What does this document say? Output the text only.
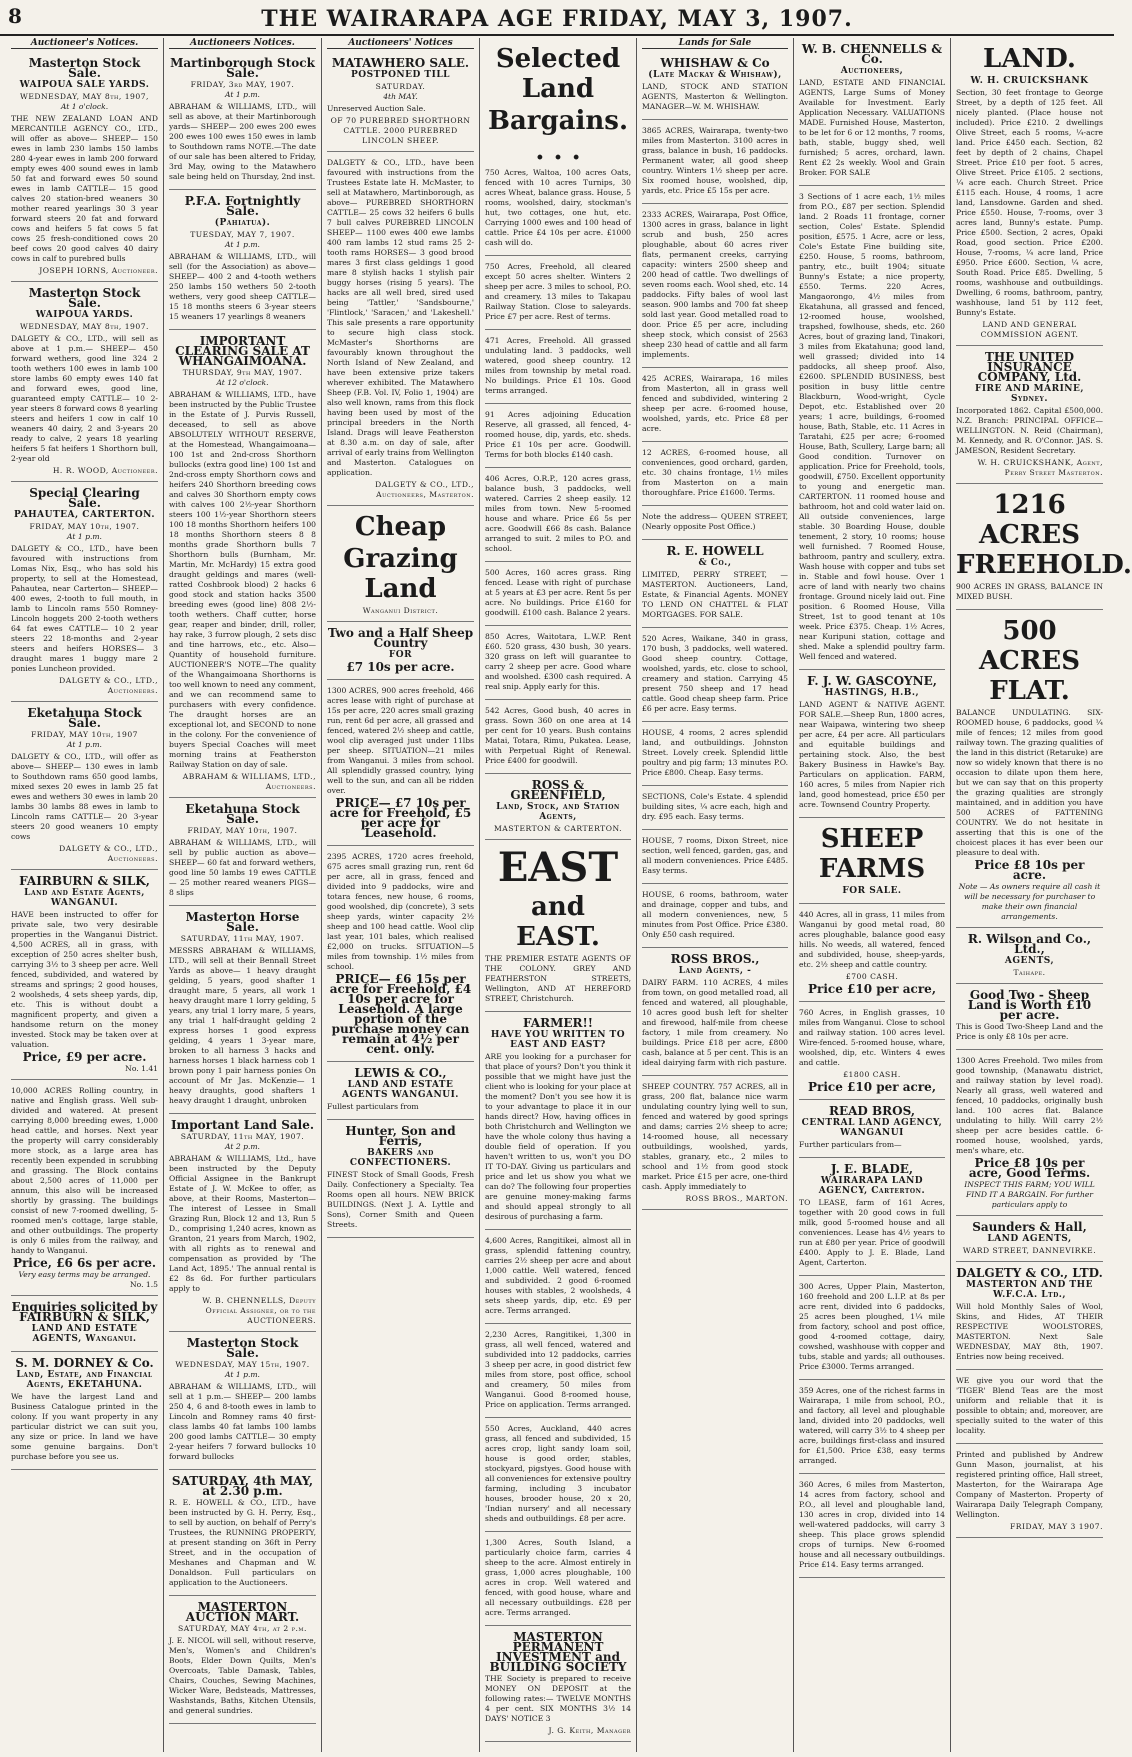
8	THE WAIRARAPA AGE FRIDAY, MAY 3, 1907.
Auctioneer's Notices.
Masterton Stock Sale.
WAIPOUA SALE YARDS.
WEDNESDAY, MAY 8th, 1907,
At 1 o'clock.

THE NEW ZEALAND LOAN AND MERCANTILE AGENCY CO., LTD., will offer as above— SHEEP— 150 ewes in lamb 230 lambs 150 lambs 280 4-year ewes in lamb 200 forward empty ewes 400 sound ewes in lamb 50 fat and forward ewes 50 sound ewes in lamb CATTLE— 15 good calves 20 station-bred weaners 30 mother reared yearlings 30 3 year forward steers 20 fat and forward cows and heifers 5 fat cows 5 fat cows 25 fresh-conditioned cows 20 beef cows 20 good calves 40 dairy cows in calf to purebred bulls

JOSEPH IORNS, Auctioneer.
Masterton Stock Sale.
WAIPOUA YARDS.
WEDNESDAY, MAY 8th, 1907.

DALGETY & CO., LTD., will sell as above at 1 p.m.— SHEEP— 450 forward wethers, good line 324 2 tooth wethers 100 ewes in lamb 100 store lambs 60 empty ewes 140 fat and forward ewes, good line, guaranteed empty CATTLE— 10 2-year steers 8 forward cows 8 yearling steers and heifers 1 cow in calf 10 weaners 40 dairy, 2 and 3-years 20 ready to calve, 2 years 18 yearling heifers 5 fat heifers 1 Shorthorn bull, 2-year old

H. R. WOOD, Auctioneer.
Special Clearing Sale.
PAHAUTEA, CARTERTON.
FRIDAY, MAY 10th, 1907.
At 1 p.m.

DALGETY & CO., LTD., have been favoured with instructions from Lomas Nix, Esq., who has sold his property, to sell at the Homestead, Pahautea, near Carterton— SHEEP— 400 ewes, 2-tooth to full mouth, in lamb to Lincoln rams 550 Romney-Lincoln hoggets 200 2-tooth wethers 64 fat ewes CATTLE— 10 2 year steers 22 18-months and 2-year steers and heifers HORSES— 3 draught mares 1 buggy mare 2 ponies Luncheon provided.

DALGETY & CO., LTD., Auctioneers.
Eketahuna Stock Sale.
FRIDAY, MAY 10th, 1907
At 1 p.m.

DALGETY & CO., LTD., will offer as above— SHEEP— 130 ewes in lamb to Southdown rams 650 good lambs, mixed sexes 20 ewes in lamb 25 fat ewes and wethers 30 ewes in lamb 20 lambs 30 lambs 88 ewes in lamb to Lincoln rams CATTLE— 20 3-year steers 20 good weaners 10 empty cows

DALGETY & CO., LTD., Auctioneers.
FAIRBURN & SILK,
Land and Estate Agents, WANGANUI.

HAVE been instructed to offer for private sale, two very desirable properties in the Wanganui District. 4,500 ACRES, all in grass, with exception of 250 acres shelter bush, carrying 3½ to 3 sheep per acre. Well fenced, subdivided, and watered by streams and springs; 2 good houses, 2 woolsheds, 4 sets sheep yards, dip, etc. This is without doubt a magnificent property, and given a handsome return on the money invested. Stock may be taken over at valuation.

Price, £9 per acre.
No. 1.41

10,000 ACRES Rolling country, in native and English grass. Well sub-divided and watered. At present carrying 8,000 breeding ewes, 1,000 head cattle, and horses. Next year the property will carry considerably more stock, as a large area has recently been expended in scrubbing and grassing. The Block contains about 2,500 acres of 11,000 per annum, this also will be increased shortly by grassing. The buildings consist of new 7-roomed dwelling, 5-roomed men's cottage, large stable, and other outbuildings. The property is only 6 miles from the railway, and handy to Wanganui.

Price, £6 6s per acre.
Very easy terms may be arranged.
No. 1.5
Enquiries solicited by FAIRBURN & SILK,
LAND AND ESTATE AGENTS, Wanganui.
S. M. DORNEY & Co.
Land, Estate, and Financial Agents, EKETAHUNA.

We have the largest Land and Business Catalogue printed in the colony. If you want property in any particular district we can suit you, any size or price. In land we have some genuine bargains. Don't purchase before you see us.

Auctioneers Notices.
Martinborough Stock Sale.
FRIDAY, 3rd MAY, 1907.
At 1 p.m.

ABRAHAM & WILLIAMS, LTD., will sell as above, at their Martinborough yards— SHEEP— 200 ewes 200 ewes 200 ewes 100 ewes 150 ewes in lamb to Southdown rams NOTE.—The date of our sale has been altered to Friday, 3rd May, owing to the Matawhero sale being held on Thursday, 2nd inst.

P.F.A. Fortnightly Sale.
(Pahiatua).
TUESDAY, MAY 7, 1907.
At 1 p.m.

ABRAHAM & WILLIAMS, LTD., will sell (for the Association) as above— SHEEP— 400 2 and 4-tooth wethers 250 lambs 150 wethers 50 2-tooth wethers, very good sheep CATTLE— 15 18 months steers 6 3-year steers 15 weaners 17 yearlings 8 weaners

IMPORTANT CLEARING SALE AT WHANGAIMOANA.
THURSDAY, 9th MAY, 1907.
At 12 o'clock.

ABRAHAM & WILLIAMS, LTD., have been instructed by the Public Trustee in the Estate of J. Purvis Russell, deceased, to sell as above ABSOLUTELY WITHOUT RESERVE, at the Homestead, Whangaimoana— 100 1st and 2nd-cross Shorthorn bullocks (extra good line) 100 1st and 2nd-cross empty Shorthorn cows and heifers 240 Shorthorn breeding cows and calves 30 Shorthorn empty cows with calves 100 2½-year Shorthorn steers 100 1½-year Shorthorn steers 100 18 months Shorthorn heifers 100 18 months Shorthorn steers 8 8 months grade Shorthorn bulls 7 Shorthorn bulls (Burnham, Mr. Martin, Mr. McHardy) 15 extra good draught geldings and mares (well-ratted Coshbrook blood) 2 hacks 6 good stock and station hacks 3500 breeding ewes (good line) 808 2½-tooth wethers. Chaff cutter, horse gear, reaper and binder, drill, roller, hay rake, 3 furrow plough, 2 sets disc and tine harrows, etc., etc. Also—Quantity of household furniture. AUCTIONEER'S NOTE—The quality of the Whangaimoana Shorthorns is too well known to need any comment, and we can recommend same to purchasers with every confidence. The draught horses are an exceptional lot, and SECOND to none in the colony. For the convenience of buyers Special Coaches will meet morning trains at Featherston Railway Station on day of sale.

ABRAHAM & WILLIAMS, LTD., Auctioneers.
Eketahuna Stock Sale.
FRIDAY, MAY 10th, 1907.

ABRAHAM & WILLIAMS, LTD., will sell by public auction as above— SHEEP— 60 fat and forward wethers, good line 50 lambs 19 ewes CATTLE— 25 mother reared weaners PIGS— 8 slips

Masterton Horse Sale.
SATURDAY, 11th MAY, 1907.

MESSRS ABRAHAM & WILLIAMS, LTD., will sell at their Bennall Street Yards as above— 1 heavy draught gelding, 5 years, good shafter 1 draught mare, 5 years, all work 1 heavy draught mare 1 lorry gelding, 5 years, any trial 1 lorry mare, 5 years, any trial 1 half-draught gelding 2 express horses 1 good express gelding, 4 years 1 3-year mare, broken to all harness 3 hacks and harness horses 1 black harness cob 1 brown pony 1 pair harness ponies On account of Mr Jas. McKenzie— 1 heavy draughts, good shafters 1 heavy draught 1 draught, unbroken

Important Land Sale.
SATURDAY, 11th MAY, 1907.
At 2 p.m.

ABRAHAM & WILLIAMS, Ltd., have been instructed by the Deputy Official Assignee in the Bankrupt Estate of J. W. McKee to offer, as above, at their Rooms, Masterton— The interest of Lessee in Small Grazing Run, Block 12 and 13, Run 5 D., comprising 1,240 acres, known as Granton, 21 years from March, 1902, with all rights as to renewal and compensation as provided by 'The Land Act, 1895.' The annual rental is £2 8s 6d. For further particulars apply to

W. B. CHENNELLS, Deputy Official Assignee, or to the AUCTIONEERS.
Masterton Stock Sale.
WEDNESDAY, MAY 15th, 1907.
At 1 p.m.

ABRAHAM & WILLIAMS, LTD., will sell at 1 p.m.— SHEEP— 200 lambs 250 4, 6 and 8-tooth ewes in lamb to Lincoln and Romney rams 40 first-class lambs 40 fat lambs 100 lambs 200 good lambs CATTLE— 30 empty 2-year heifers 7 forward bullocks 10 forward bullocks

SATURDAY, 4th MAY, at 2.30 p.m.

R. E. HOWELL & CO., LTD., have been instructed by G. H. Perry, Esq., to sell by auction, on behalf of Perry's Trustees, the RUNNING PROPERTY, at present standing on 36ft in Perry Street, and in the occupation of Meshanes and Chapman and W. Donaldson. Full particulars on application to the Auctioneers.

MASTERTON AUCTION MART.
SATURDAY, MAY 4th, at 2 p.m.

J. E. NICOL will sell, without reserve, Men's, Women's and Children's Boots, Elder Down Quilts, Men's Overcoats, Table Damask, Tables, Chairs, Couches, Sewing Machines, Wicker Ware, Bedsteads, Mattresses, Washstands, Baths, Kitchen Utensils, and general sundries.

Auctioneers' Notices
MATAWHERO SALE.
POSTPONED TILL
SATURDAY.
4th MAY.

Unreserved Auction Sale.

OF 70 PUREBRED SHORTHORN CATTLE. 2000 PUREBRED LINCOLN SHEEP.

DALGETY & CO., LTD., have been favoured with instructions from the Trustees Estate late H. McMaster, to sell at Matawhero, Martinborough, as above— PUREBRED SHORTHORN CATTLE— 25 cows 32 heifers 6 bulls 7 bull calves PUREBRED LINCOLN SHEEP— 1100 ewes 400 ewe lambs 400 ram lambs 12 stud rams 25 2-tooth rams HORSES— 3 good brood mares 3 first class geldings 1 good mare 8 stylish hacks 1 stylish pair buggy horses (rising 5 years). The hacks are all well bred, sired used being 'Tattler,' 'Sandsbourne,' 'Flintlock,' 'Saracen,' and 'Lakeshell.' This sale presents a rare opportunity to secure high class stock. McMaster's Shorthorns are favourably known throughout the North Island of New Zealand, and have been extensive prize takers wherever exhibited. The Matawhero Sheep (F.B. Vol. IV, Folio 1, 1904) are also well known, rams from this flock having been used by most of the principal breeders in the North Island. Drags will leave Featherston at 8.30 a.m. on day of sale, after arrival of early trains from Wellington and Masterton. Catalogues on application.

DALGETY & CO., LTD., Auctioneers, Masterton.
Cheap
Grazing Land
Wanganui District.
Two and a Half Sheep Country
FOR
£7 10s per acre.

1300 ACRES, 900 acres freehold, 466 acres lease with right of purchase at 15s per acre, 220 acres small grazing run, rent 6d per acre, all grassed and fenced, watered 2½ sheep and cattle, wool clip averaged just under 11lbs per sheep. SITUATION—21 miles from Wanganui. 3 miles from school. All splendidly grassed country, lying well to the sun, and can all be ridden over.

PRICE— £7 10s per acre for Freehold, £5 per acre for Leasehold.

2395 ACRES, 1720 acres freehold, 675 acres small grazing run, rent 6d per acre, all in grass, fenced and divided into 9 paddocks, wire and totara fences, new house, 6 rooms, good woolshed, dip (concrete), 3 sets sheep yards, winter capacity 2½ sheep and 100 head cattle. Wool clip last year, 101 bales, which realised £2,000 on trucks. SITUATION—5 miles from township. 1½ miles from school.

PRICE— £6 15s per acre for Freehold, £4 10s per acre for Leasehold. A large portion of the purchase money can remain at 4½ per cent. only.
LEWIS & CO.,
LAND AND ESTATE AGENTS WANGANUI.

Fullest particulars from

Hunter, Son and Ferris,
BAKERS and CONFECTIONERS.

FINEST Stock of Small Goods, Fresh Daily. Confectionery a Specialty. Tea Rooms open all hours. NEW BRICK BUILDINGS. (Next J. A. Lyttle and Sons), Corner Smith and Queen Streets.

Selected Land
Bargains. . . .

750 Acres, Waltoa, 100 acres Oats, fenced with 10 acres Turnips, 30 acres Wheat, balance grass. House, 5 rooms, woolshed, dairy, stockman's hut, two cottages, one hut, etc. Carrying 1000 ewes and 100 head of cattle. Price £4 10s per acre. £1000 cash will do.

750 Acres, Freehold, all cleared except 50 acres shelter. Winters 2 sheep per acre. 3 miles to school, P.O. and creamery. 13 miles to Takapau Railway Station. Close to saleyards. Price £7 per acre. Rest of terms.

471 Acres, Freehold. All grassed undulating land. 3 paddocks, well watered, good sheep country. 12 miles from township by metal road. No buildings. Price £1 10s. Good terms arranged.

91 Acres adjoining Education Reserve, all grassed, all fenced, 4-roomed house, dip, yards, etc. sheds. Price £1 10s per acre. Goodwill. Terms for both blocks £140 cash.

406 Acres, O.R.P., 120 acres grass, balance bush, 3 paddocks, well watered. Carries 2 sheep easily. 12 miles from town. New 5-roomed house and whare. Price £6 5s per acre. Goodwill £66 8s cash. Balance arranged to suit. 2 miles to P.O. and school.

500 Acres, 160 acres grass. Ring fenced. Lease with right of purchase at 5 years at £3 per acre. Rent 5s per acre. No buildings. Price £160 for goodwill. £100 cash. Balance 2 years.

850 Acres, Waitotara, L.W.P. Rent £60. 520 grass, 430 bush, 30 years. 320 grass on left will guarantee to carry 2 sheep per acre. Good whare and woolshed. £300 cash required. A real snip. Apply early for this.

542 Acres, Good bush, 40 acres in grass. Sown 360 on one area at 14 per cent for 10 years. Bush contains Matai, Totara, Rimu, Pukatea. Lease, with Perpetual Right of Renewal. Price £400 for goodwill.

ROSS & GREENFIELD,
Land, Stock, and Station Agents,
MASTERTON & CARTERTON.
EAST
and EAST.

THE PREMIER ESTATE AGENTS OF THE COLONY. GREY AND FEATHERSTON STREETS, Wellington, AND AT HEREFORD STREET, Christchurch.

FARMER!!
HAVE YOU WRITTEN TO EAST AND EAST?

ARE you looking for a purchaser for that place of yours? Don't you think it possible that we might have just the client who is looking for your place at the moment? Don't you see how it is to your advantage to place it in our hands direct? How, having offices in both Christchurch and Wellington we have the whole colony thus having a double field of operation. If you haven't written to us, won't you DO IT TO-DAY. Giving us particulars and price and let us show you what we can do? The following four properties are genuine money-making farms and should appeal strongly to all desirous of purchasing a farm.

4,600 Acres, Rangitikei, almost all in grass, splendid fattening country, carries 2½ sheep per acre and about 1,000 cattle. Well watered, fenced and subdivided. 2 good 6-roomed houses with stables, 2 woolsheds, 4 sets sheep yards, dip, etc. £9 per acre. Terms arranged.

2,230 Acres, Rangitikei, 1,300 in grass, all well fenced, watered and subdivided into 12 paddocks, carries 3 sheep per acre, in good district few miles from store, post office, school and creamery, 50 miles from Wanganui. Good 8-roomed house, Price on application. Terms arranged.

550 Acres, Auckland, 440 acres grass, all fenced and subdivided, 15 acres crop, light sandy loam soil, house is good order, stables, stockyard, pigstyes. Good house with all conveniences for extensive poultry farming, including 3 incubator houses, brooder house, 20 x 20, 'Indian nursery' and all necessary sheds and outbuildings. £8 per acre.

1,300 Acres, South Island, a particularly choice farm, carries 4 sheep to the acre. Almost entirely in grass, 1,000 acres ploughable, 100 acres in crop. Well watered and fenced, with good house, whare and all necessary outbuildings. £28 per acre. Terms arranged.

MASTERTON PERMANENT INVESTMENT and BUILDING SOCIETY

THE Society is prepared to receive MONEY ON DEPOSIT at the following rates:— TWELVE MONTHS 4 per cent. SIX MONTHS 3½ 14 DAYS' NOTICE 3

J. G. Keith, Manager
Lands for Sale
WHISHAW & Co
(Late Mackay & Whishaw),

LAND, STOCK AND STATION AGENTS, Masterton & Wellington. MANAGER—W. M. WHISHAW.

3865 ACRES, Wairarapa, twenty-two miles from Masterton. 3100 acres in grass, balance in bush, 16 paddocks. Permanent water, all good sheep country. Winters 1½ sheep per acre. Six roomed house, woolshed, dip, yards, etc. Price £5 15s per acre.

2333 ACRES, Wairarapa, Post Office, 1300 acres in grass, balance in light scrub and bush, 250 acres ploughable, about 60 acres river flats, permanent creeks, carrying capacity: winters 2500 sheep and 200 head of cattle. Two dwellings of seven rooms each. Wool shed, etc. 14 paddocks. Fifty bales of wool last season. 900 lambs and 700 fat sheep sold last year. Good metalled road to door. Price £5 per acre, including sheep stock, which consist of 2563 sheep 230 head of cattle and all farm implements.

425 ACRES, Wairarapa, 16 miles from Masterton, all in grass well fenced and subdivided, wintering 2 sheep per acre. 6-roomed house, woolshed, yards, etc. Price £8 per acre.

12 ACRES, 6-roomed house, all conveniences, good orchard, garden, etc. 30 chains frontage, 1½ miles from Masterton on a main thoroughfare. Price £1600. Terms.

Note the address— QUEEN STREET, (Nearly opposite Post Office.)

R. E. HOWELL
& Co.,

LIMITED, PERRY STREET, — MASTERTON. Auctioneers, Land, Estate, & Financial Agents. MONEY TO LEND ON CHATTEL & FLAT MORTGAGES. FOR SALE.

520 Acres, Waikane, 340 in grass, 170 bush, 3 paddocks, well watered. Good sheep country. Cottage, woolshed, yards, etc. close to school, creamery and station. Carrying 45 present 750 sheep and 17 head cattle. Good cheap sheep farm. Price £6 per acre. Easy terms.

HOUSE, 4 rooms, 2 acres splendid land, and outbuildings. Johnston Street. Lovely creek. Splendid little poultry and pig farm; 13 minutes P.O. Price £800. Cheap. Easy terms.

SECTIONS, Cole's Estate. 4 splendid building sites, ¼ acre each, high and dry. £95 each. Easy terms.

HOUSE, 7 rooms, Dixon Street, nice section, well fenced, garden, gas, and all modern conveniences. Price £485. Easy terms.

HOUSE, 6 rooms, bathroom, water and drainage, copper and tubs, and all modern conveniences, new, 5 minutes from Post Office. Price £380. Only £50 cash required.

ROSS BROS.,
Land Agents, -

DAIRY FARM. 110 ACRES, 4 miles from town, on good metalled road, all fenced and watered, all ploughable, 10 acres good bush left for shelter and firewood, half-mile from cheese factory, 1 mile from creamery. No buildings. Price £18 per acre, £800 cash, balance at 5 per cent. This is an ideal dairying farm with rich pasture.

SHEEP COUNTRY. 757 ACRES, all in grass, 200 flat, balance nice warm undulating country lying well to sun, fenced and watered by good springs and dams; carries 2½ sheep to acre; 14-roomed house, all necessary outbuildings, woolshed, yards, stables, granary, etc., 2 miles to school and 1½ from good stock market. Price £15 per acre, one-third cash. Apply immediately to

ROSS BROS., MARTON.
W. B. CHENNELLS & Co.
Auctioneers,

LAND, ESTATE AND FINANCIAL AGENTS, Large Sums of Money Available for Investment. Early Application Necessary. VALUATIONS MADE. Furnished House, Masterton, to be let for 6 or 12 months, 7 rooms, bath, stable, buggy shed, well furnished; 5 acres, orchard, lawn. Rent £2 2s weekly. Wool and Grain Broker. FOR SALE

3 Sections of 1 acre each, 1½ miles from P.O., £87 per section. Splendid land. 2 Roads 11 frontage, corner section, Coles' Estate. Splendid position, £575. 1 Acre, acre or less, Cole's Estate Fine building site, £250. House, 5 rooms, bathroom, pantry, etc., built 1904; situate Bunny's Estate; a nice property, £550. Terms. 220 Acres, Mangaorongo, 4½ miles from Ekatahuna, all grassed and fenced, 12-roomed house, woolshed, trapshed, fowlhouse, sheds, etc. 260 Acres, bout of grazing land, Tinakori, 3 miles from Ekatahuna; good land, well grassed; divided into 14 paddocks, all sheep proof. Also, £2600. SPLENDID BUSINESS, best position in busy little centre Blackburn, Wood-wright, Cycle Depot, etc. Established over 20 years; 1 acre, buildings, 6-roomed house, Bath, Stable, etc. 11 Acres in Taratahi, £25 per acre; 6-roomed House, Bath, Scullery, Large barn; all Good condition. Turnover on application. Price for Freehold, tools, goodwill, £750. Excellent opportunity to young and energetic man. CARTERTON. 11 roomed house and bathroom, hot and cold water laid on. All outside conveniences, large stable. 30 Boarding House, double tenement, 2 story, 10 rooms; house well furnished. 7 Roomed House, bathroom, pantry and scullery, extra. Wash house with copper and tubs set in. Stable and fowl house. Over 1 acre of land with nearly two chains frontage. Ground nicely laid out. Fine position. 6 Roomed House, Villa Street, 1st to good tenant at 10s week. Price £375. Cheap. 1½ Acres, near Kuripuni station, cottage and shed. Make a splendid poultry farm. Well fenced and watered.

F. J. W. GASCOYNE,
HASTINGS, H.B.,

LAND AGENT & NATIVE AGENT. FOR SALE.—Sheep Run, 1800 acres, near Waipawa, wintering two sheep per acre, £4 per acre. All particulars and equitable buildings and pertaining stock. Also, the best Bakery Business in Hawke's Bay. Particulars on application. FARM, 160 acres, 5 miles from Napier rich land, good homestead, price £50 per acre. Townsend Country Property.

SHEEP FARMS
FOR SALE.

440 Acres, all in grass, 11 miles from Wanganui by good metal road, 80 acres ploughable, balance good easy hills. No weeds, all watered, fenced and subdivided, house, sheep-yards, etc. 2½ sheep and cattle country.

£700 CASH.
Price £10 per acre,

760 Acres, in English grasses, 10 miles from Wanganui. Close to school and railway station. 100 acres level. Wire-fenced. 5-roomed house, whare, woolshed, dip, etc. Winters 4 ewes and cattle.

£1800 CASH.
Price £10 per acre,
READ BROS,
CENTRAL LAND AGENCY, WANGANUI

Further particulars from—

J. E. BLADE,
WAIRARAPA LAND AGENCY, Carterton.

TO LEASE, farm of 161 Acres, together with 20 good cows in full milk, good 5-roomed house and all conveniences. Lease has 4½ years to run at £80 per year. Price of goodwill £400. Apply to J. E. Blade, Land Agent, Carterton.

300 Acres, Upper Plain, Masterton, 160 freehold and 200 L.I.P. at 8s per acre rent, divided into 6 paddocks, 25 acres been ploughed, 1¼ mile from factory, school and post office, good 4-roomed cottage, dairy, cowshed, washhouse with copper and tubs, stable and yards; all outhouses. Price £3000. Terms arranged.

359 Acres, one of the richest farms in Wairarapa, 1 mile from school, P.O., and factory, all level and ploughable land, divided into 20 paddocks, well watered, will carry 3½ to 4 sheep per acre, buildings first-class and insured for £1,500. Price £38, easy terms arranged.

360 Acres, 6 miles from Masterton, 14 acres from factory, school and P.O., all level and ploughable land, 130 acres in crop, divided into 14 well-watered paddocks, will carry 3 sheep. This place grows splendid crops of turnips. New 6-roomed house and all necessary outbuildings. Price £14. Easy terms arranged.

LAND.
W. H. CRUICKSHANK

Section, 30 feet frontage to George Street, by a depth of 125 feet. All nicely planted. (Place house not included). Price £210. 2 dwellings Olive Street, each 5 rooms, ¼-acre land. Price £450 each. Section, 82 feet by depth of 2 chains, Chapel Street. Price £10 per foot. 5 acres, Olive Street. Price £105. 2 sections, ¼ acre each. Church Street. Price £115 each. House, 4 rooms, 1 acre land, Lansdowne. Garden and shed. Price £550. House, 7-rooms, over 3 acres land, Bunny's estate. Pump. Price £500. Section, 2 acres, Opaki Road, good section. Price £200. House, 7-rooms, ¼ acre land, Price £950. Price £600. Section, ¼ acre, South Road. Price £85. Dwelling, 5 rooms, washhouse and outbuildings. Dwelling, 6 rooms, bathroom, pantry, washhouse, land 51 by 112 feet, Bunny's Estate.

LAND AND GENERAL COMMISSION AGENT.
THE UNITED INSURANCE COMPANY, Ltd.
FIRE AND MARINE, Sydney.

Incorporated 1862. Capital £500,000. N.Z. Branch: PRINCIPAL OFFICE—WELLINGTON. N. Reid (Chairman), M. Kennedy, and R. O'Connor. JAS. S. JAMESON, Resident Secretary.

W. H. CRUICKSHANK, Agent, Perry Street Masterton.
1216 ACRES FREEHOLD.

900 ACRES IN GRASS, BALANCE IN MIXED BUSH.

500 ACRES FLAT.

BALANCE UNDULATING. SIX-ROOMED house, 6 paddocks, good ¼ mile of fences; 12 miles from good railway town. The grazing qualities of the land in this district (Retaruke) are now so widely known that there is no occasion to dilate upon them here, but we can say that on this property the grazing qualities are strongly maintained, and in addition you have 500 ACRES of FATTENING COUNTRY. We do not hesitate in asserting that this is one of the choicest places it has ever been our pleasure to deal with.

Price £8 10s per acre.
Note — As owners require all cash it will be necessary for purchaser to make their own financial arrangements.
R. Wilson and Co., Ltd.,
AGENTS,
Taihape.
Good Two - Sheep Land is Worth £10 per acre.

This is Good Two-Sheep Land and the Price is only £8 10s per acre.

1300 Acres Freehold. Two miles from good township, (Manawatu district, and railway station by level road). Nearly all grass, well watered and fenced, 10 paddocks, originally bush land. 100 acres flat. Balance undulating to hilly. Will carry 2½ sheep per acre besides cattle. 6-roomed house, woolshed, yards, men's whare, etc.

Price £8 10s per acre, Good Terms.
INSPECT THIS FARM; YOU WILL FIND IT A BARGAIN. For further particulars apply to
Saunders & Hall,
LAND AGENTS,
WARD STREET, DANNEVIRKE.
DALGETY & CO., LTD.
MASTERTON AND THE W.F.C.A. Ltd.,

Will hold Monthly Sales of Wool, Skins, and Hides, AT THEIR RESPECTIVE WOOLSTORES, MASTERTON. Next Sale WEDNESDAY, MAY 8th, 1907. Entries now being received.

WE give you our word that the 'TIGER' Blend Teas are the most uniform and reliable that it is possible to obtain; and, moreover, are specially suited to the water of this locality.

Printed and published by Andrew Gunn Mason, journalist, at his registered printing office, Hall street, Masterton, for the Wairarapa Age Company of Masterton. Property of Wairarapa Daily Telegraph Company, Wellington.

FRIDAY, MAY 3 1907.
